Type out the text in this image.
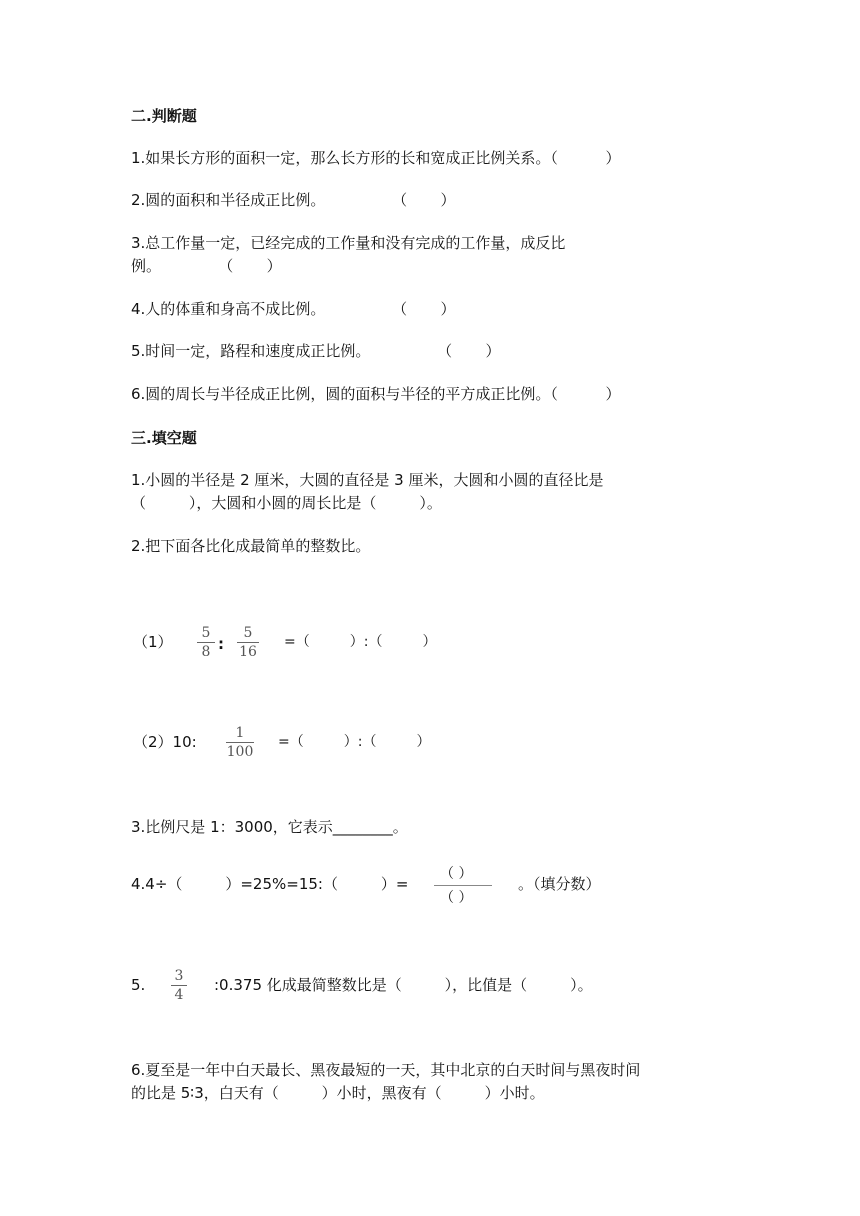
二.判断题
1.如果长方形的面积一定，那么长方形的长和宽成正比例关系。（          ）
2.圆的面积和半径成正比例。              （       ）
3.总工作量一定，已经完成的工作量和没有完成的工作量，成反比
例。            （       ）
4.人的体重和身高不成比例。              （       ）
5.时间一定，路程和速度成正比例。              （       ）
6.圆的周长与半径成正比例，圆的面积与半径的平方成正比例。（          ）
三.填空题
1.小圆的半径是 2 厘米，大圆的直径是 3 厘米，大圆和小圆的直径比是
（         ），大圆和小圆的周长比是（         ）。
2.把下面各比化成最简单的整数比。
（1） 5
8 :
5
16
=（         ）:（         ）
（2）10:	1
100
=（         ）:（         ）
3.比例尺是 1：3000，它表示________。
4.4÷（         ）=25%=15:（         ）=
（ ）
（ ）
。（填分数）
5. 3
4
:0.375 化成最简整数比是（         ），比值是（         ）。
6.夏至是一年中白天最长、黑夜最短的一天，其中北京的白天时间与黑夜时间
的比是 5∶3，白天有（         ）小时，黑夜有（         ）小时。
